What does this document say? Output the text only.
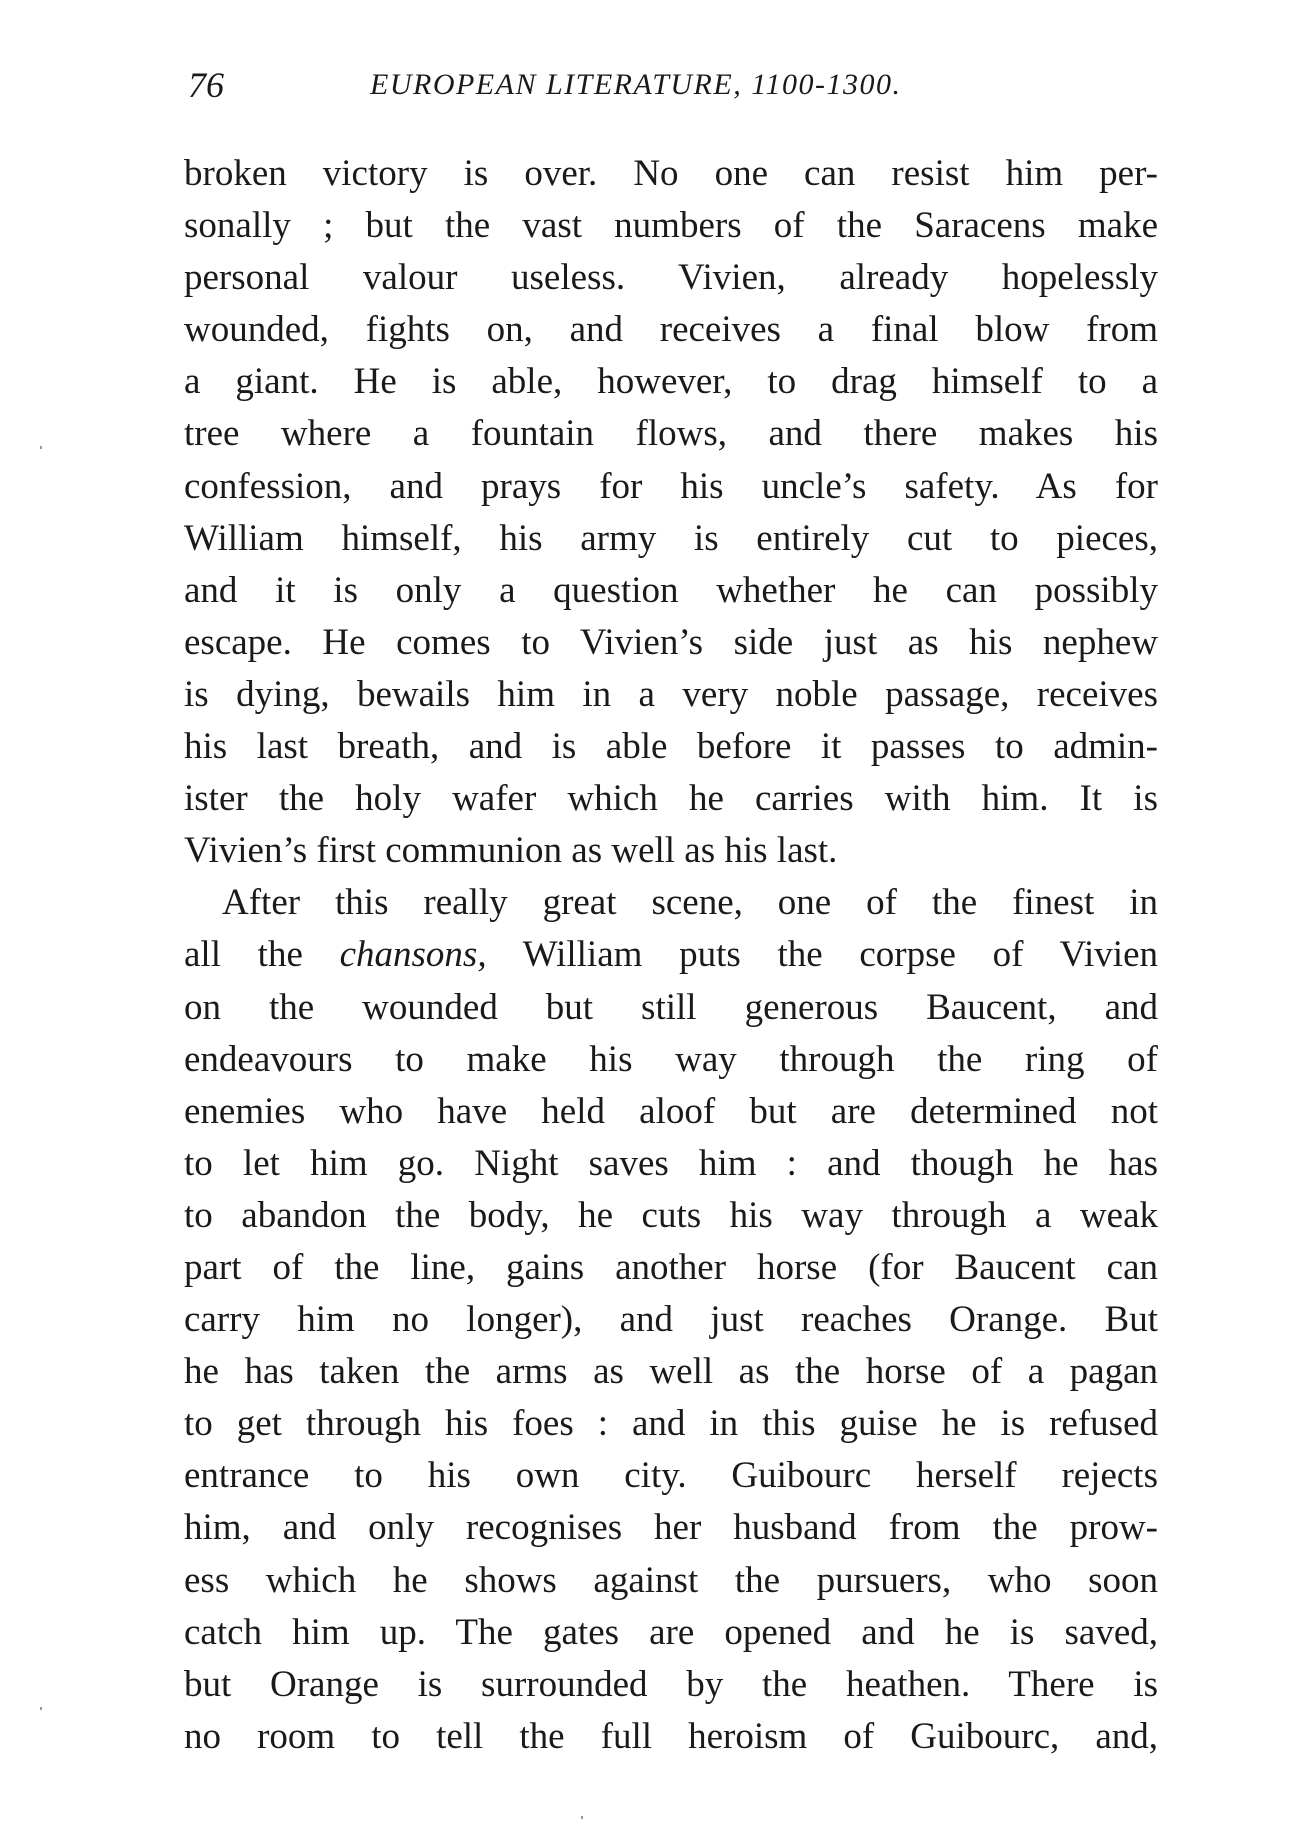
76	EUROPEAN LITERATURE, 1100-1300.
broken victory is over. No one can resist him per-
sonally ; but the vast numbers of the Saracens make
personal valour useless. Vivien, already hopelessly
wounded, fights on, and receives a final blow from
a giant. He is able, however, to drag himself to a
tree where a fountain flows, and there makes his
confession, and prays for his uncle’s safety. As for
William himself, his army is entirely cut to pieces,
and it is only a question whether he can possibly
escape. He comes to Vivien’s side just as his nephew
is dying, bewails him in a very noble passage, receives
his last breath, and is able before it passes to admin-
ister the holy wafer which he carries with him. It is
Vivien’s first communion as well as his last.
After this really great scene, one of the finest in
all the chansons, William puts the corpse of Vivien
on the wounded but still generous Baucent, and
endeavours to make his way through the ring of
enemies who have held aloof but are determined not
to let him go. Night saves him : and though he has
to abandon the body, he cuts his way through a weak
part of the line, gains another horse (for Baucent can
carry him no longer), and just reaches Orange. But
he has taken the arms as well as the horse of a pagan
to get through his foes : and in this guise he is refused
entrance to his own city. Guibourc herself rejects
him, and only recognises her husband from the prow-
ess which he shows against the pursuers, who soon
catch him up. The gates are opened and he is saved,
but Orange is surrounded by the heathen. There is
no room to tell the full heroism of Guibourc, and,
